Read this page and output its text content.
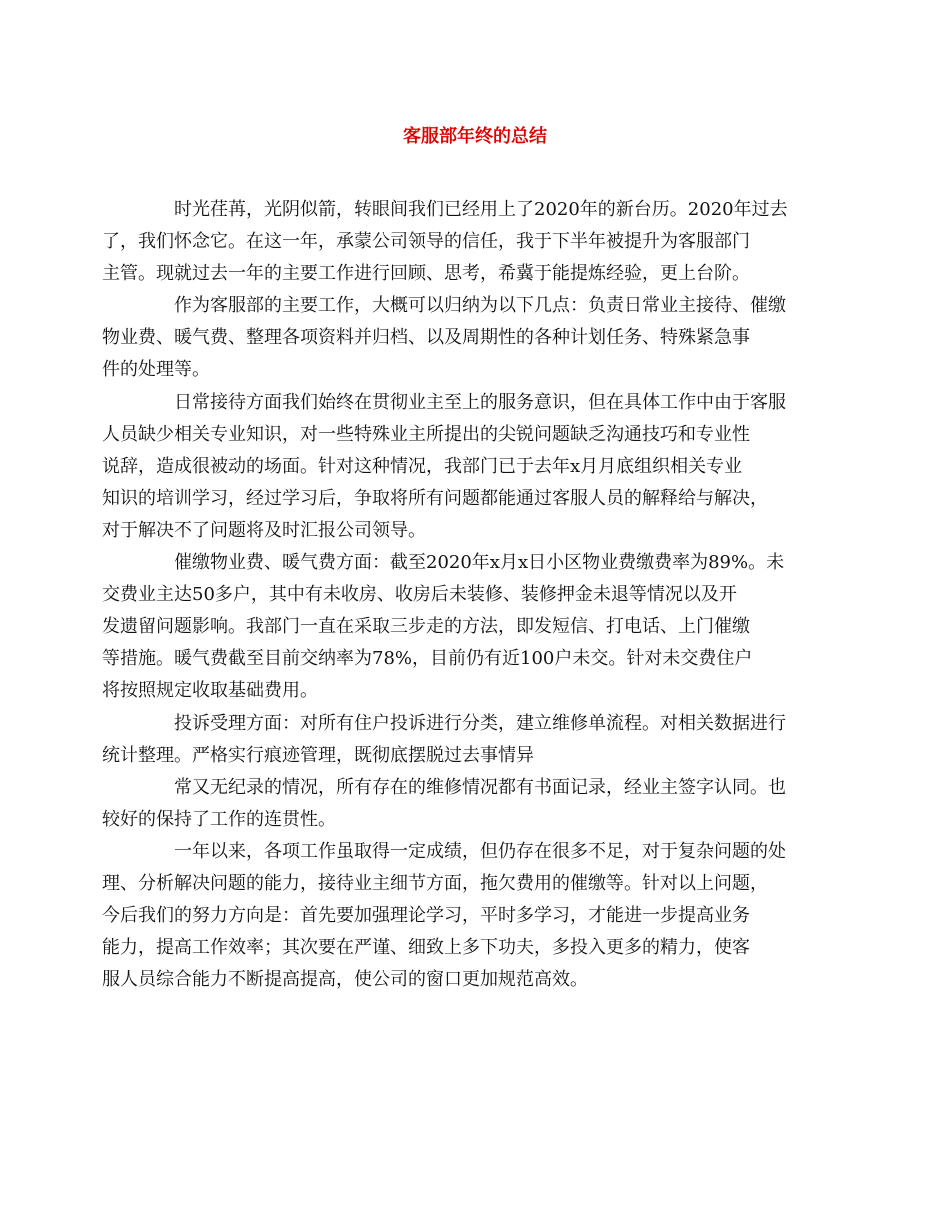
客服部年终的总结

时光荏苒，光阴似箭，转眼间我们已经用上了2020年的新台历。2020年过去
了，我们怀念它。在这一年，承蒙公司领导的信任，我于下半年被提升为客服部门
主管。现就过去一年的主要工作进行回顾、思考，希冀于能提炼经验，更上台阶。

作为客服部的主要工作，大概可以归纳为以下几点：负责日常业主接待、催缴
物业费、暖气费、整理各项资料并归档、以及周期性的各种计划任务、特殊紧急事
件的处理等。

日常接待方面我们始终在贯彻业主至上的服务意识，但在具体工作中由于客服
人员缺少相关专业知识，对一些特殊业主所提出的尖锐问题缺乏沟通技巧和专业性
说辞，造成很被动的场面。针对这种情况，我部门已于去年x月月底组织相关专业
知识的培训学习，经过学习后，争取将所有问题都能通过客服人员的解释给与解决，
对于解决不了问题将及时汇报公司领导。

催缴物业费、暖气费方面：截至2020年x月x日小区物业费缴费率为89%。未
交费业主达50多户，其中有未收房、收房后未装修、装修押金未退等情况以及开
发遗留问题影响。我部门一直在采取三步走的方法，即发短信、打电话、上门催缴
等措施。暖气费截至目前交纳率为78%，目前仍有近100户未交。针对未交费住户
将按照规定收取基础费用。

投诉受理方面：对所有住户投诉进行分类，建立维修单流程。对相关数据进行
统计整理。严格实行痕迹管理，既彻底摆脱过去事情异

常又无纪录的情况，所有存在的维修情况都有书面记录，经业主签字认同。也
较好的保持了工作的连贯性。

一年以来，各项工作虽取得一定成绩，但仍存在很多不足，对于复杂问题的处
理、分析解决问题的能力，接待业主细节方面，拖欠费用的催缴等。针对以上问题，
今后我们的努力方向是：首先要加强理论学习，平时多学习，才能进一步提高业务
能力，提高工作效率；其次要在严谨、细致上多下功夫，多投入更多的精力，使客
服人员综合能力不断提高提高，使公司的窗口更加规范高效。
